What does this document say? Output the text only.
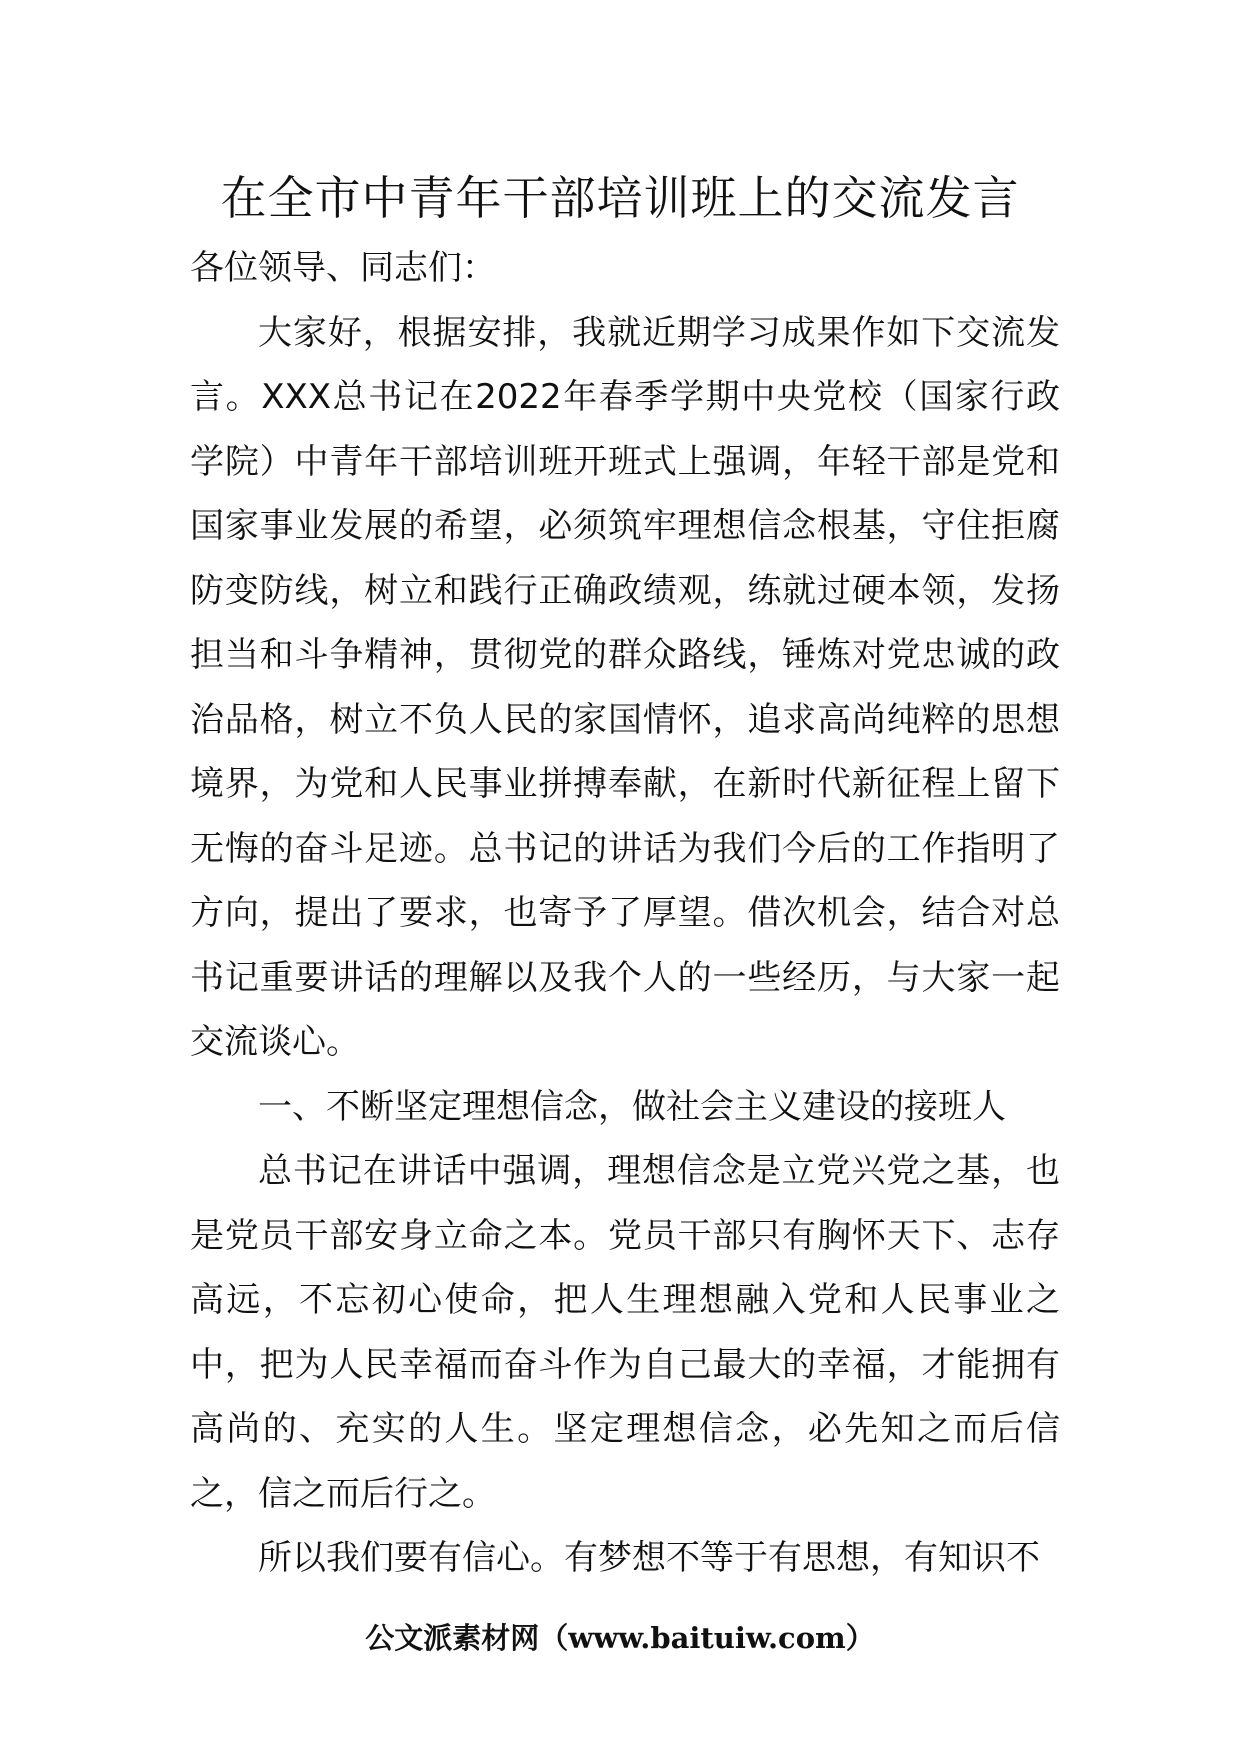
在全市中青年干部培训班上的交流发言

各位领导、同志们：

大家好，根据安排，我就近期学习成果作如下交流发言。XXX总书记在2022年春季学期中央党校（国家行政学院）中青年干部培训班开班式上强调，年轻干部是党和国家事业发展的希望，必须筑牢理想信念根基，守住拒腐防变防线，树立和践行正确政绩观，练就过硬本领，发扬担当和斗争精神，贯彻党的群众路线，锤炼对党忠诚的政治品格，树立不负人民的家国情怀，追求高尚纯粹的思想境界，为党和人民事业拼搏奉献，在新时代新征程上留下无悔的奋斗足迹。总书记的讲话为我们今后的工作指明了方向，提出了要求，也寄予了厚望。借次机会，结合对总书记重要讲话的理解以及我个人的一些经历，与大家一起交流谈心。

一、不断坚定理想信念，做社会主义建设的接班人

总书记在讲话中强调，理想信念是立党兴党之基，也是党员干部安身立命之本。党员干部只有胸怀天下、志存高远，不忘初心使命，把人生理想融入党和人民事业之中，把为人民幸福而奋斗作为自己最大的幸福，才能拥有高尚的、充实的人生。坚定理想信念，必先知之而后信之，信之而后行之。

所以我们要有信心。有梦想不等于有思想，有知识不

公文派素材网（www.baituiw.com）
